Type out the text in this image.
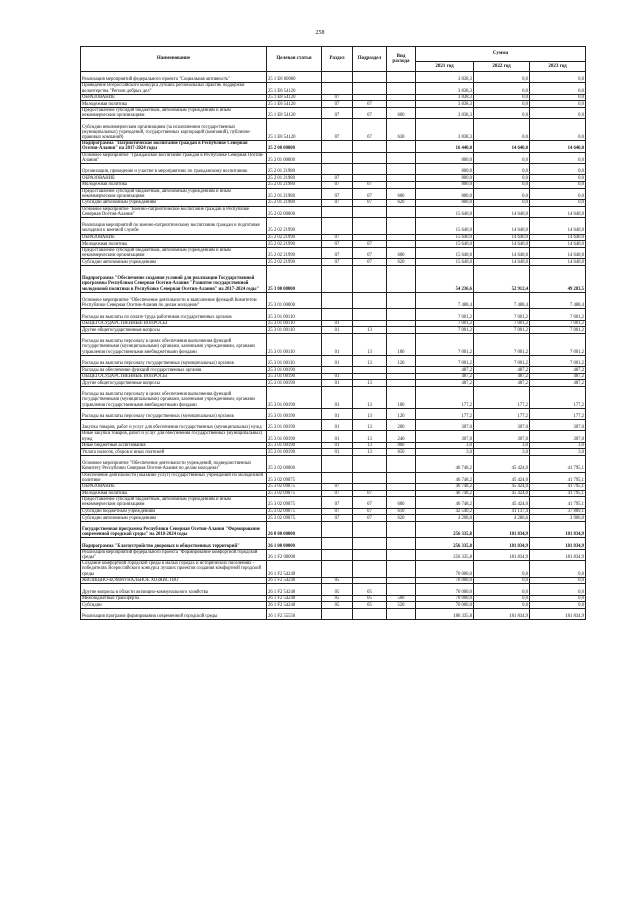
258
Наименование	Целевая статья	Раздел	Подраздел	Вид расхода	Сумма		
					2021 год	2022 год	2023 год
Реализация мероприятий федерального проекта "Социальная активность"	25 1 E8 00000				3 838,3	0,0	0,0
Проведение Всероссийского конкурса лучших региональных практик поддержки волонтерства "Регион добрых дел"	25 1 E8 54120				3 838,3	0,0	0,0
ОБРАЗОВАНИЕ	25 1 E8 54120	07			3 838,3	0,0	0,0
Молодежная политика	25 1 E8 54120	07	07		3 838,3	0,0	0,0
Предоставление субсидий бюджетным, автономным учреждениям и иным некоммерческим организациям	25 1 E8 54120	07	07	600	3 838,3	0,0	0,0
Субсидии некоммерческим организациям (за исключением государственных (муниципальных) учреждений, государственных корпораций (компаний), публично-правовых компаний)	25 1 E8 54120	07	07	630	3 838,3	0,0	0,0
Подпрограмма "Патриотическое воспитание граждан в Республике Северная Осетия-Алания" на 2017-2024 годы	25 2 00 00000				16 440,0	14 640,0	14 640,0
Основное мероприятие "Гражданское воспитание граждан в Республике Северная Осетия-Алания"	25 2 01 00000				800,0	0,0	0,0
Организация, проведение и участие в мероприятиях по гражданскому воспитанию	25 2 01 21980				800,0	0,0	0,0
ОБРАЗОВАНИЕ	25 2 01 21980	07			800,0	0,0	0,0
Молодежная политика	25 2 01 21980	07	07		800,0	0,0	0,0
Предоставление субсидий бюджетным, автономным учреждениям и иным некоммерческим организациям	25 2 01 21980	07	07	600	800,0	0,0	0,0
Субсидии автономным учреждениям	25 2 01 21980	07	07	620	800,0	0,0	0,0
Основное мероприятие "Военно-патриотическое воспитание граждан в Республике Северная Осетия-Алания"	25 2 02 00000				15 640,0	14 640,0	14 640,0
Реализация мероприятий по военно-патриотическому воспитанию граждан и подготовке молодежи к военной службе	25 2 02 21990				15 640,0	14 640,0	14 640,0
ОБРАЗОВАНИЕ	25 2 02 21990	07			15 640,0	14 640,0	14 640,0
Молодежная политика	25 2 02 21990	07	07		15 640,0	14 640,0	14 640,0
Предоставление субсидий бюджетным, автономным учреждениям и иным некоммерческим организациям	25 2 02 21990	07	07	600	15 640,0	14 640,0	14 640,0
Субсидии автономным учреждениям	25 2 02 21990	07	07	620	15 640,0	14 640,0	14 640,0
Подпрограмма "Обеспечение создания условий для реализации Государственной программы Республики Северная Осетия-Алания "Развитие государственной молодежной политики в Республике Северная Осетия-Алания" на 2017-2024 годы"	25 3 00 00000				54 236,6	52 912,4	49 283,5
Основное мероприятие "Обеспечение деятельности и выполнение функций Комитетом Республики Северная Осетия-Алания по делам молодежи"	25 3 01 00000				7 488,4	7 488,4	7 488,4
Расходы на выплаты по оплате труда работников государственных органов	25 3 01 00110				7 001,2	7 001,2	7 001,2
ОБЩЕГОСУДАРСТВЕННЫЕ ВОПРОСЫ	25 3 01 00110	01			7 001,2	7 001,2	7 001,2
Другие общегосударственные вопросы	25 3 01 00110	01	13		7 001,2	7 001,2	7 001,2
Расходы на выплаты персоналу в целях обеспечения выполнения функций государственными (муниципальными) органами, казенными учреждениями, органами управления государственными внебюджетными фондами	25 3 01 00110	01	13	100	7 001,2	7 001,2	7 001,2
Расходы на выплаты персоналу государственных (муниципальных) органов	25 3 01 00110	01	13	120	7 001,2	7 001,2	7 001,2
Расходы на обеспечение функций государственных органов	25 3 01 00190				487,2	487,2	487,2
ОБЩЕГОСУДАРСТВЕННЫЕ ВОПРОСЫ	25 3 01 00190	01			487,2	487,2	487,2
Другие общегосударственные вопросы	25 3 01 00190	01	13		487,2	487,2	487,2
Расходы на выплаты персоналу в целях обеспечения выполнения функций государственными (муниципальными) органами, казенными учреждениями, органами управления государственными внебюджетными фондами	25 3 01 00190	01	13	100	177,2	177,2	177,2
Расходы на выплаты персоналу государственных (муниципальных) органов	25 3 01 00190	01	13	120	177,2	177,2	177,2
Закупка товаров, работ и услуг для обеспечения государственных (муниципальных) нужд	25 3 01 00190	01	13	200	307,0	307,0	307,0
Иные закупки товаров, работ и услуг для обеспечения государственных (муниципальных) нужд	25 3 01 00190	01	13	240	307,0	307,0	307,0
Иные бюджетные ассигнования	25 3 01 00190	01	13	800	3,0	3,0	3,0
Уплата налогов, сборов и иных платежей	25 3 01 00190	01	13	850	3,0	3,0	3,0
Основное мероприятие "Обеспечение деятельности учреждений, подведомственных Комитету Республики Северная Осетия-Алания по делам молодежи"	25 3 02 00000				46 748,2	45 424,0	41 795,1
Обеспечение деятельности (оказание услуг) государственных учреждений по молодежной политике	25 3 02 09075				46 748,2	45 424,0	41 795,1
ОБРАЗОВАНИЕ	25 3 02 09075	07			46 748,2	45 424,0	41 795,1
Молодежная политика	25 3 02 09075	07	07		46 748,2	45 424,0	41 795,1
Предоставление субсидий бюджетным, автономным учреждениям и иным некоммерческим организациям	25 3 02 09075	07	07	600	46 748,2	45 424,0	41 795,1
Субсидии бюджетным учреждениям	25 3 02 09075	07	07	610	42 540,2	41 137,4	37 889,1
Субсидии автономным учреждениям	25 3 02 09075	07	07	620	4 208,0	4 286,6	3 906,0
Государственная программа Республики Северная Осетия-Алания "Формирование современной городской среды" на 2018-2024 годы	26 0 00 00000				256 335,8	181 834,9	181 834,9
Подпрограмма "Благоустройство дворовых и общественных территорий"	26 1 00 00000				256 335,8	181 834,9	181 834,9
Реализация мероприятий федерального проекта "Формирование комфортной городской среды"	26 1 F2 00000				256 335,8	181 834,9	181 834,9
Создание комфортной городской среды в малых городах и исторических поселениях - победителях Всероссийского конкурса лучших проектов создания комфортной городской среды	26 1 F2 54240				70 000,0	0,0	0,0
ЖИЛИЩНО-КОММУНАЛЬНОЕ ХОЗЯЙСТВО	26 1 F2 54240	05			70 000,0	0,0	0,0
Другие вопросы в области жилищно-коммунального хозяйства	26 1 F2 54240	05	05		70 000,0	0,0	0,0
Межбюджетные трансферты	26 1 F2 54240	05	05	500	70 000,0	0,0	0,0
Субсидии	26 1 F2 54240	05	05	520	70 000,0	0,0	0,0
Реализация программ формирования современной городской среды	26 1 F2 55550				186 335,8	181 834,9	181 834,9
